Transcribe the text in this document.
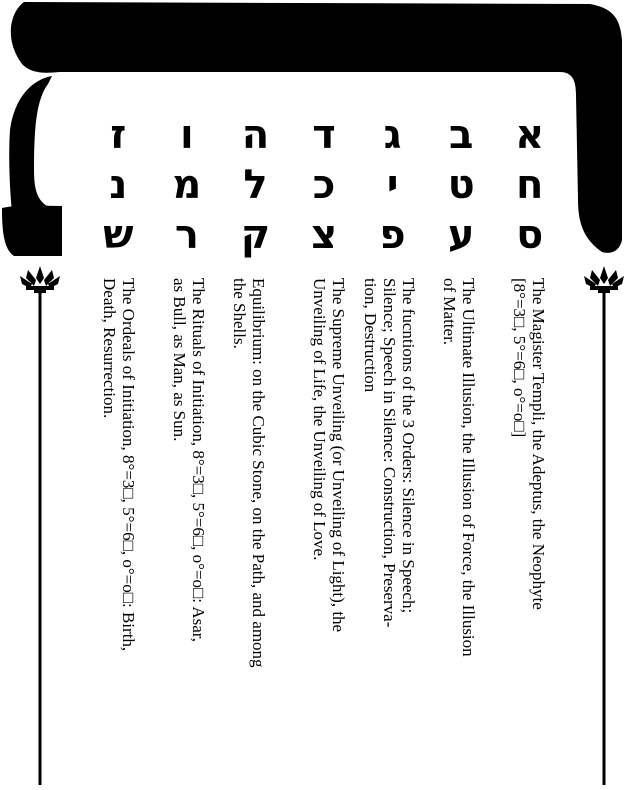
א
ב
ג
ד
ה
ו
ז
ח
ט
י
כ
ל
מ
נ
ס
ע
פ
צ
ק
ר
ש
The Magister Templi, the Adeptus, the Neophyte
[8°=3□, 5°=6□, o°=o□]
The Ultimate Illusion, the Illusion of Force, the Illusion
of Matter.
The fucntions of the 3 Orders: Silence in Speech;
Silence; Speech in Silence: Construction, Preserva-
tion, Destruction
The Supreme Unveiling (or Unveiling of Light), the
Unveiling of Life, the Unveiling of Love.
Equilibrium: on the Cubic Stone, on the Path, and among
the Shells.
The Rituals of Initiation, 8°=3□, 5°=6□, o°=o□: Asar,
as Bull, as Man, as Sun.
The Ordeals of Initiation, 8°=3□, 5°=6□, o°=o□: Birth,
Death, Resurrection.
